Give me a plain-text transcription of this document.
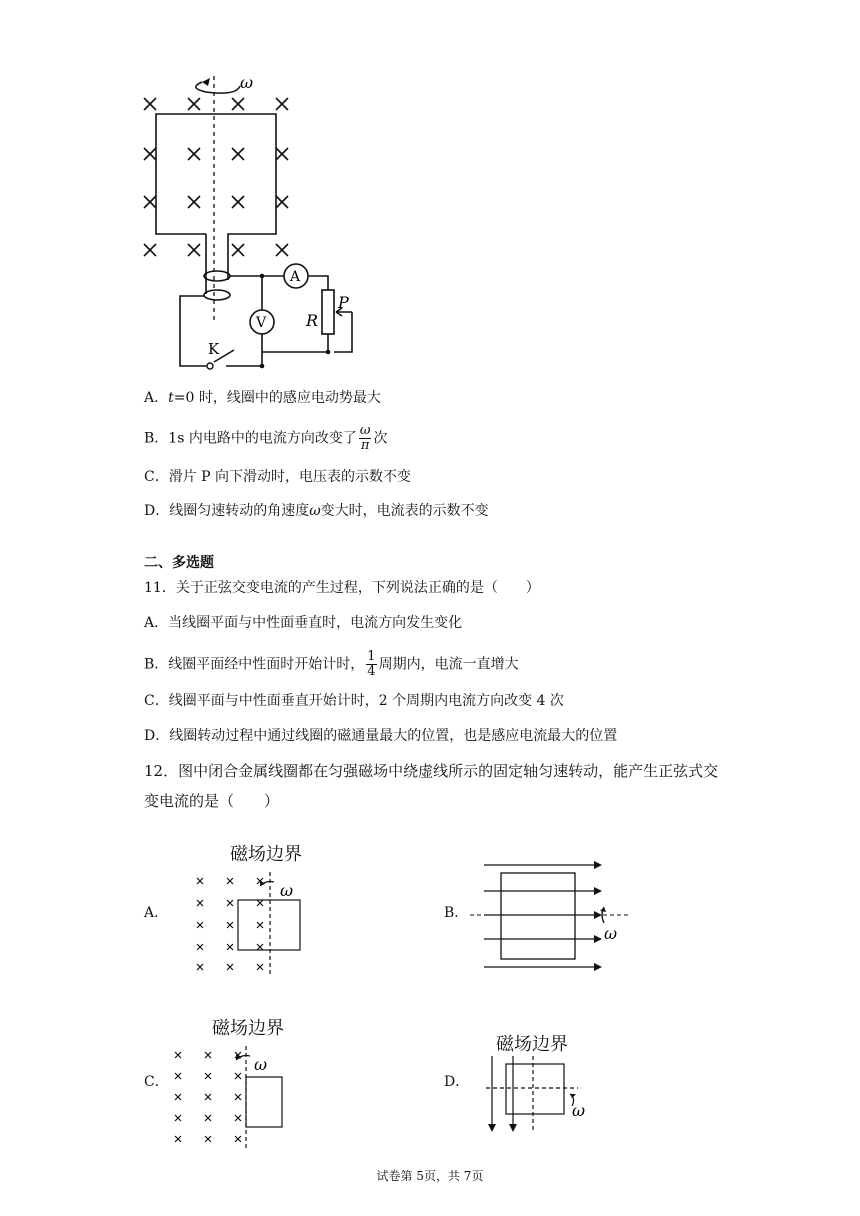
ω
A
V R
P
K
A．t=0 时，线圈中的感应电动势最大
B．1s 内电路中的电流方向改变了 $\frac{\omega}{\pi}$ 次
C．滑片 P 向下滑动时，电压表的示数不变
D．线圈匀速转动的角速度ω变大时，电流表的示数不变
二、多选题
11．关于正弦交变电流的产生过程，下列说法正确的是（　　）
A．当线圈平面与中性面垂直时，电流方向发生变化
B．线圈平面经中性面时开始计时， $\frac{1}{4}$ 周期内，电流一直增大
C．线圈平面与中性面垂直开始计时，2 个周期内电流方向改变 4 次
D．线圈转动过程中通过线圈的磁通量最大的位置，也是感应电流最大的位置
12．图中闭合金属线圈都在匀强磁场中绕虚线所示的固定轴匀速转动，能产生正弦式交
变电流的是（　　）
A．
磁场边界
ω
B．
ω
C．
磁场边界
ω
D．
磁场边界
ω
试卷第 5页，共 7页
